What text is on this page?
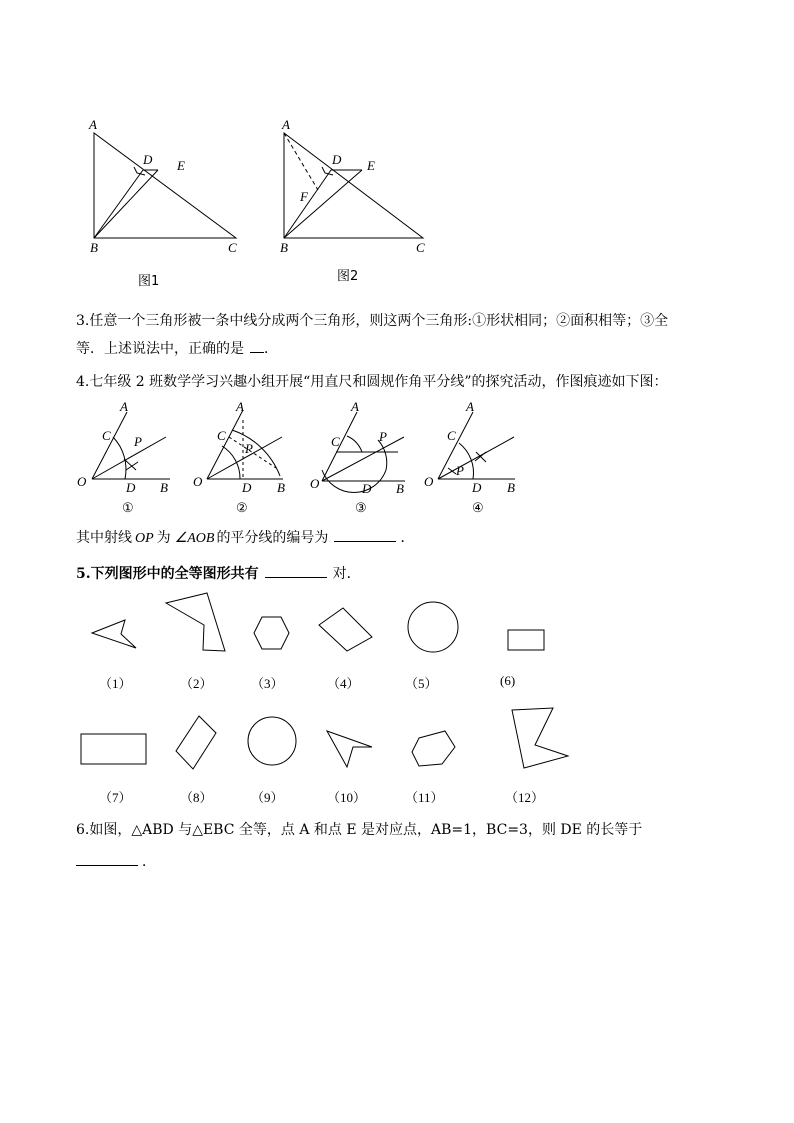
A
D E
B	C
图1
A
D E
F
B	C
图2
3.任意一个三角形被一条中线分成两个三角形，则这两个三角形:①形状相同；②面积相等；③全
等．上述说法中，正确的是 ．
4.七年级 2 班数学学习兴趣小组开展“用直尺和圆规作角平分线”的探究活动，作图痕迹如下图：
A
C P
O	D B
①
A
C
P
O	D B
②
A
C	P
O	D B
③
A
C
P
O	D B
④
其中射线 OP 为 ∠AOB 的平分线的编号为	．
5.下列图形中的全等图形共有	对．
（1）	（2）	（3）	（4）	（5）	(6)
（7）	（8）	（9）	（10）	（11）	（12）
6.如图，△ABD 与△EBC 全等，点 A 和点 E 是对应点，AB=1，BC=3，则 DE 的长等于
．
